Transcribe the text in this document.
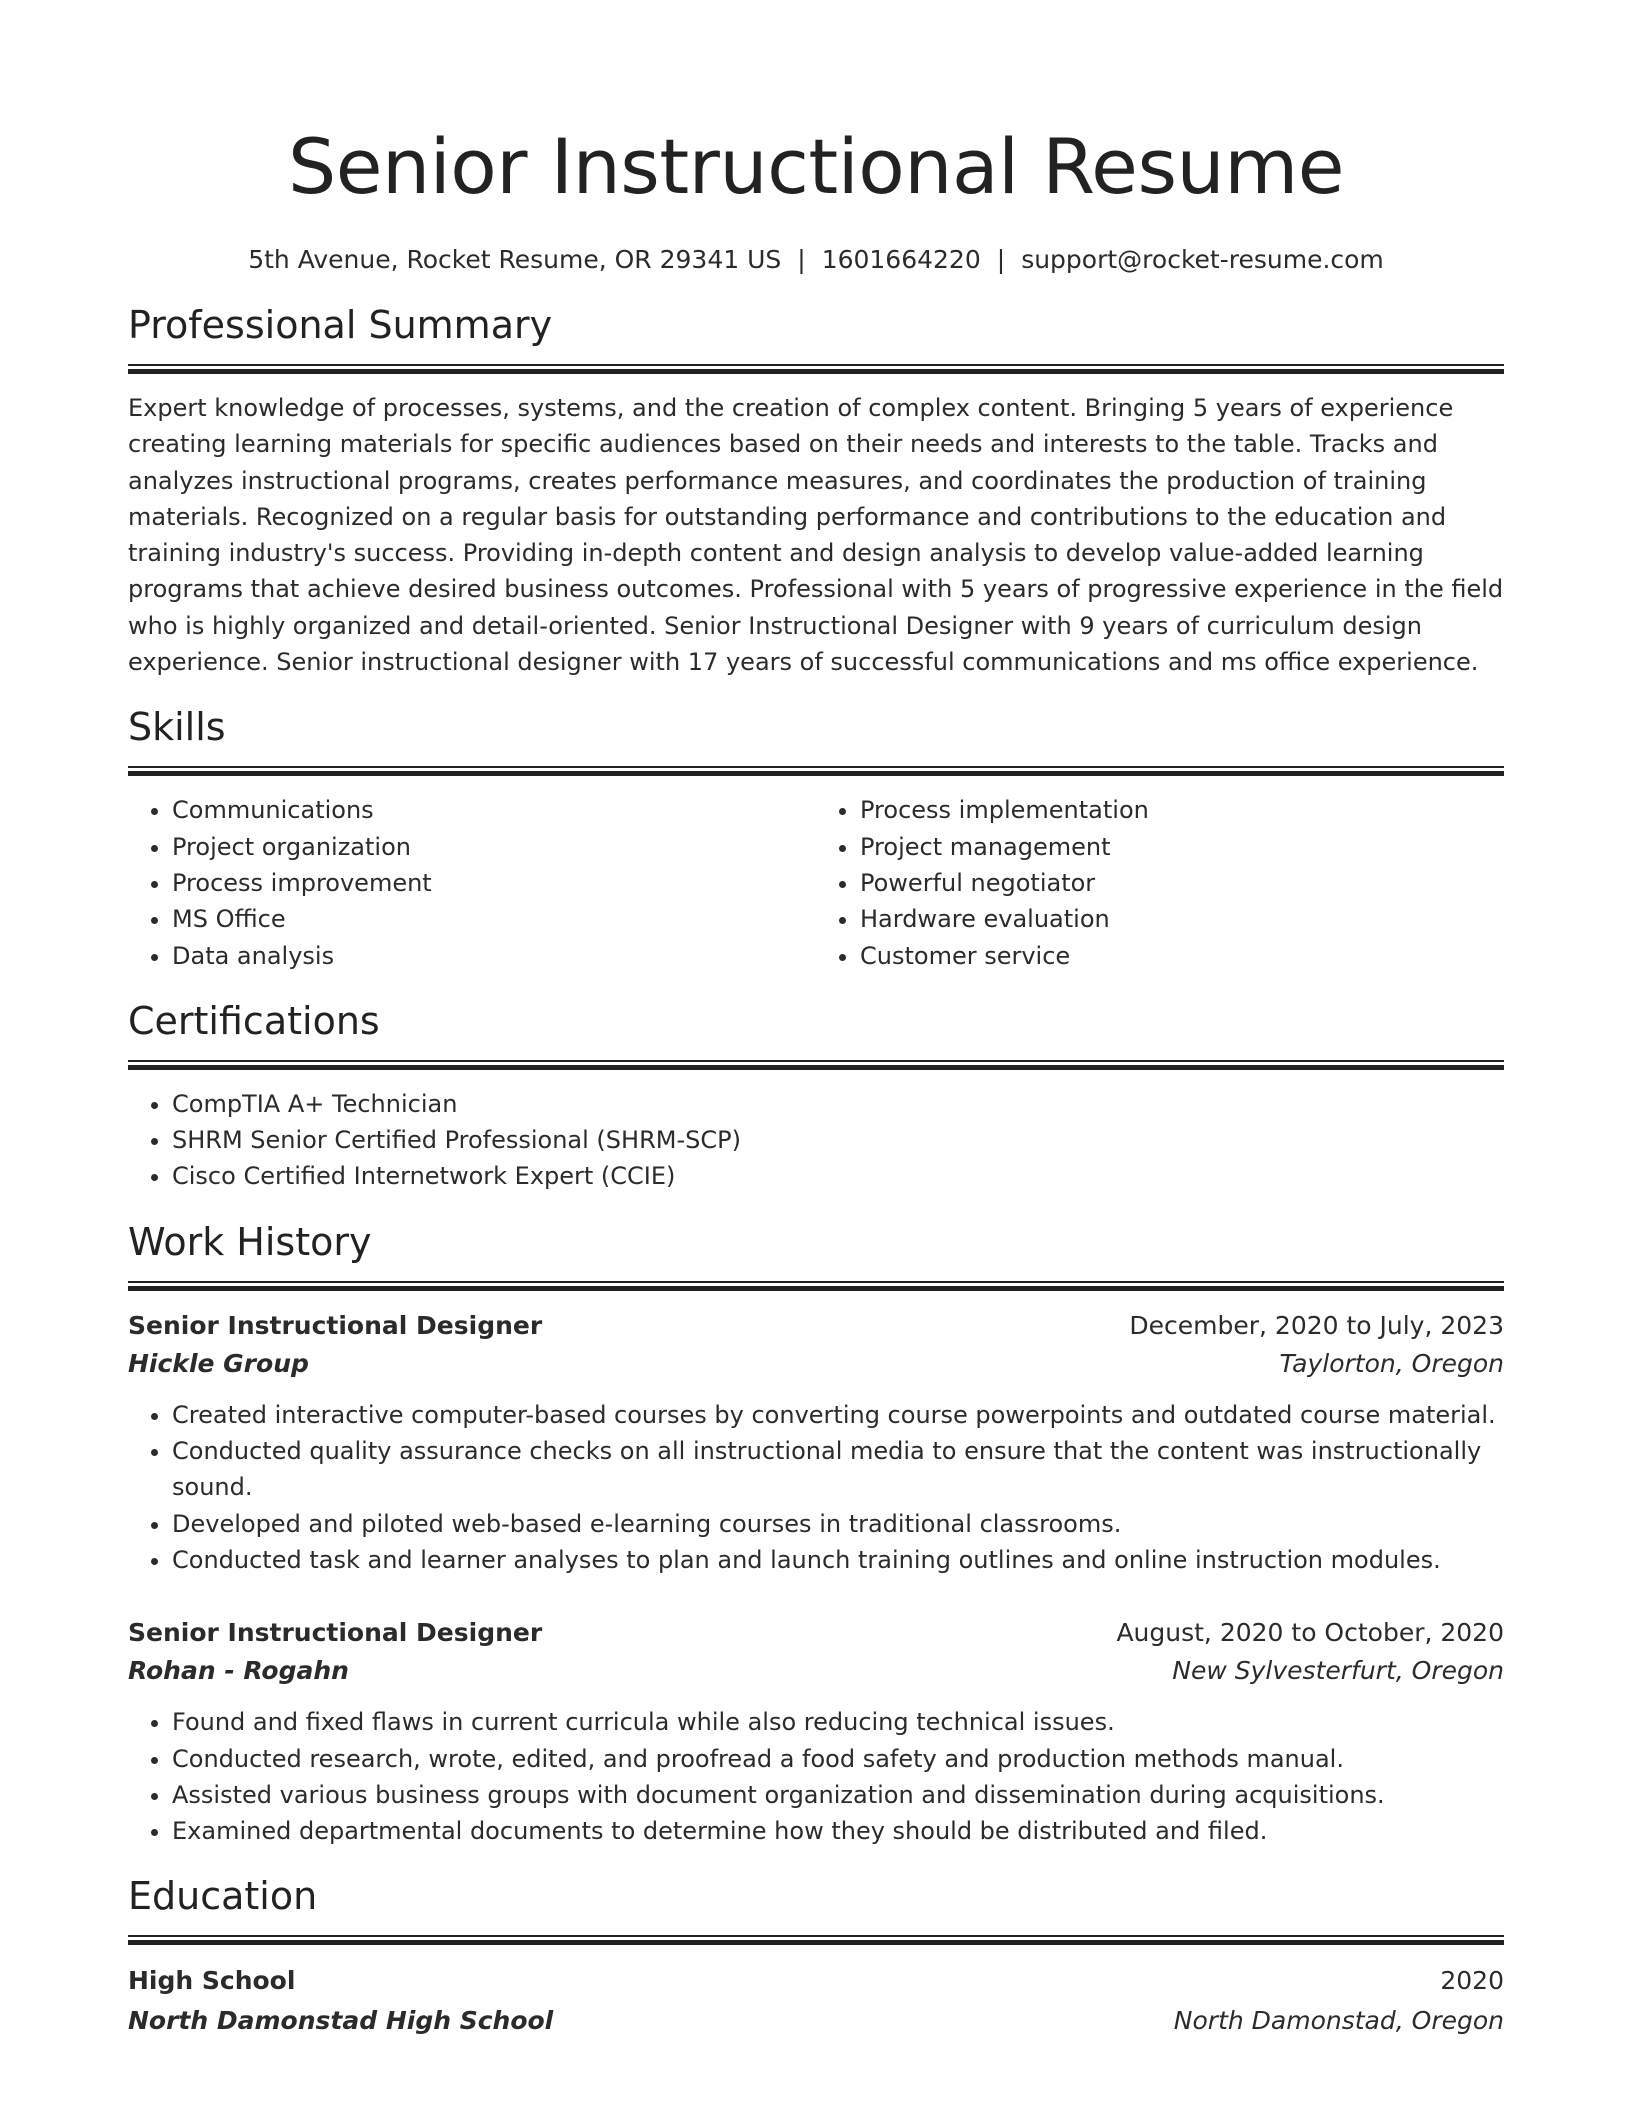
Senior Instructional Resume
5th Avenue, Rocket Resume, OR 29341 US | 1601664220 | support@rocket-resume.com
Professional Summary

Expert knowledge of processes, systems, and the creation of complex content. Bringing 5 years of experience creating learning materials for specific audiences based on their needs and interests to the table. Tracks and analyzes instructional programs, creates performance measures, and coordinates the production of training materials. Recognized on a regular basis for outstanding performance and contributions to the education and training industry's success. Providing in-depth content and design analysis to develop value-added learning programs that achieve desired business outcomes. Professional with 5 years of progressive experience in the field who is highly organized and detail-oriented. Senior Instructional Designer with 9 years of curriculum design experience. Senior instructional designer with 17 years of successful communications and ms office experience.

Skills
• Communications
• Project organization
• Process improvement
• MS Office
• Data analysis
• Process implementation
• Project management
• Powerful negotiator
• Hardware evaluation
• Customer service
Certifications
• CompTIA A+ Technician
• SHRM Senior Certified Professional (SHRM-SCP)
• Cisco Certified Internetwork Expert (CCIE)
Work History
Senior Instructional Designer	December, 2020 to July, 2023
Hickle Group	Taylorton, Oregon
• Created interactive computer-based courses by converting course powerpoints and outdated course material.
• Conducted quality assurance checks on all instructional media to ensure that the content was instructionally sound.
• Developed and piloted web-based e-learning courses in traditional classrooms.
• Conducted task and learner analyses to plan and launch training outlines and online instruction modules.
Senior Instructional Designer	August, 2020 to October, 2020
Rohan - Rogahn	New Sylvesterfurt, Oregon
• Found and fixed flaws in current curricula while also reducing technical issues.
• Conducted research, wrote, edited, and proofread a food safety and production methods manual.
• Assisted various business groups with document organization and dissemination during acquisitions.
• Examined departmental documents to determine how they should be distributed and filed.
Education
High School	2020
North Damonstad High School	North Damonstad, Oregon
